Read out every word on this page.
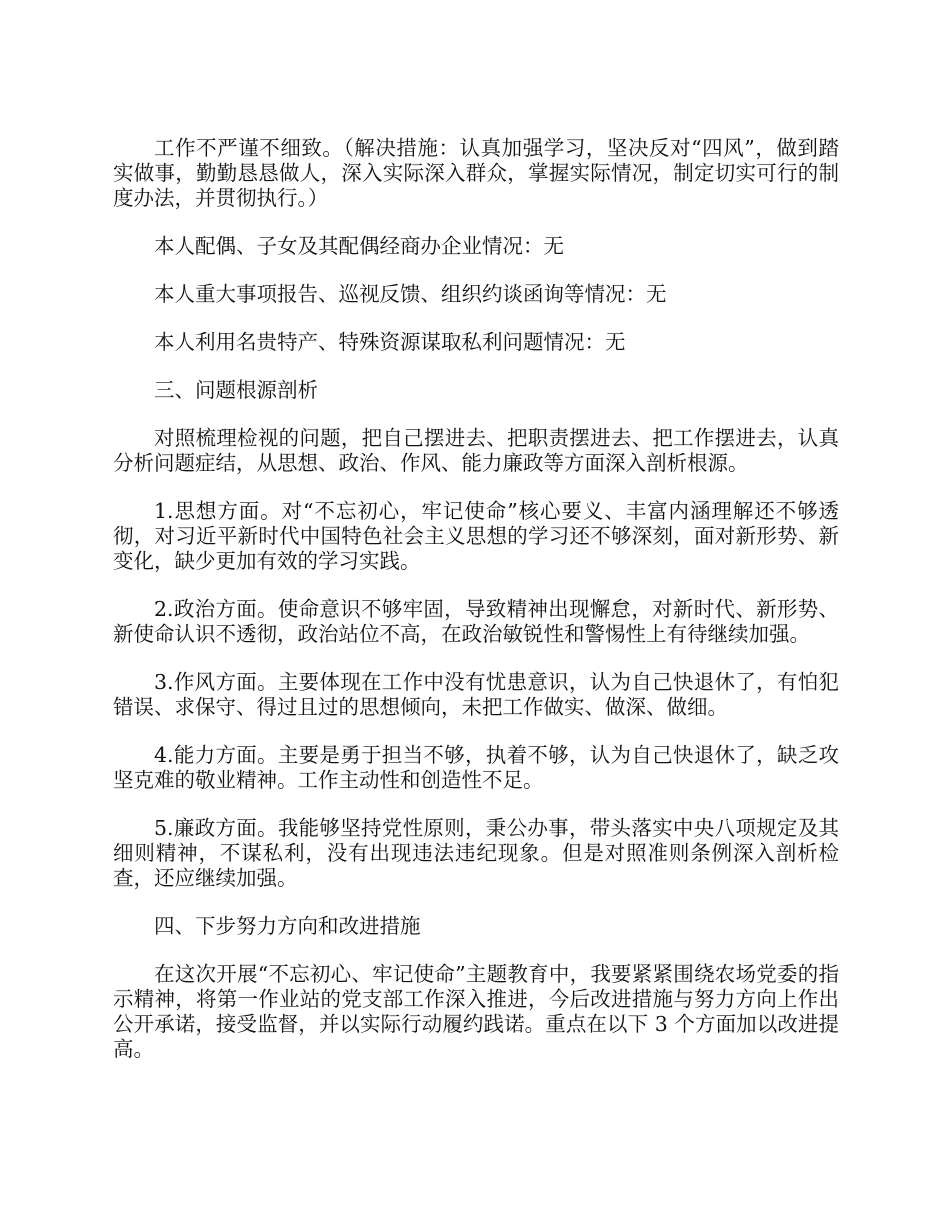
工作不严谨不细致。（解决措施：认真加强学习，坚决反对“四风”，做到踏实做事，勤勤恳恳做人，深入实际深入群众，掌握实际情况，制定切实可行的制度办法，并贯彻执行。）

本人配偶、子女及其配偶经商办企业情况：无

本人重大事项报告、巡视反馈、组织约谈函询等情况：无

本人利用名贵特产、特殊资源谋取私利问题情况：无

三、问题根源剖析

对照梳理检视的问题，把自己摆进去、把职责摆进去、把工作摆进去，认真分析问题症结，从思想、政治、作风、能力廉政等方面深入剖析根源。

1.思想方面。对“不忘初心，牢记使命”核心要义、丰富内涵理解还不够透彻，对习近平新时代中国特色社会主义思想的学习还不够深刻，面对新形势、新变化，缺少更加有效的学习实践。

2.政治方面。使命意识不够牢固，导致精神出现懈怠，对新时代、新形势、新使命认识不透彻，政治站位不高，在政治敏锐性和警惕性上有待继续加强。

3.作风方面。主要体现在工作中没有忧患意识，认为自己快退休了，有怕犯错误、求保守、得过且过的思想倾向，未把工作做实、做深、做细。

4.能力方面。主要是勇于担当不够，执着不够，认为自己快退休了，缺乏攻坚克难的敬业精神。工作主动性和创造性不足。

5.廉政方面。我能够坚持党性原则，秉公办事，带头落实中央八项规定及其细则精神，不谋私利，没有出现违法违纪现象。但是对照准则条例深入剖析检查，还应继续加强。

四、下步努力方向和改进措施

在这次开展“不忘初心、牢记使命”主题教育中，我要紧紧围绕农场党委的指示精神，将第一作业站的党支部工作深入推进，今后改进措施与努力方向上作出公开承诺，接受监督，并以实际行动履约践诺。重点在以下 3 个方面加以改进提高。
